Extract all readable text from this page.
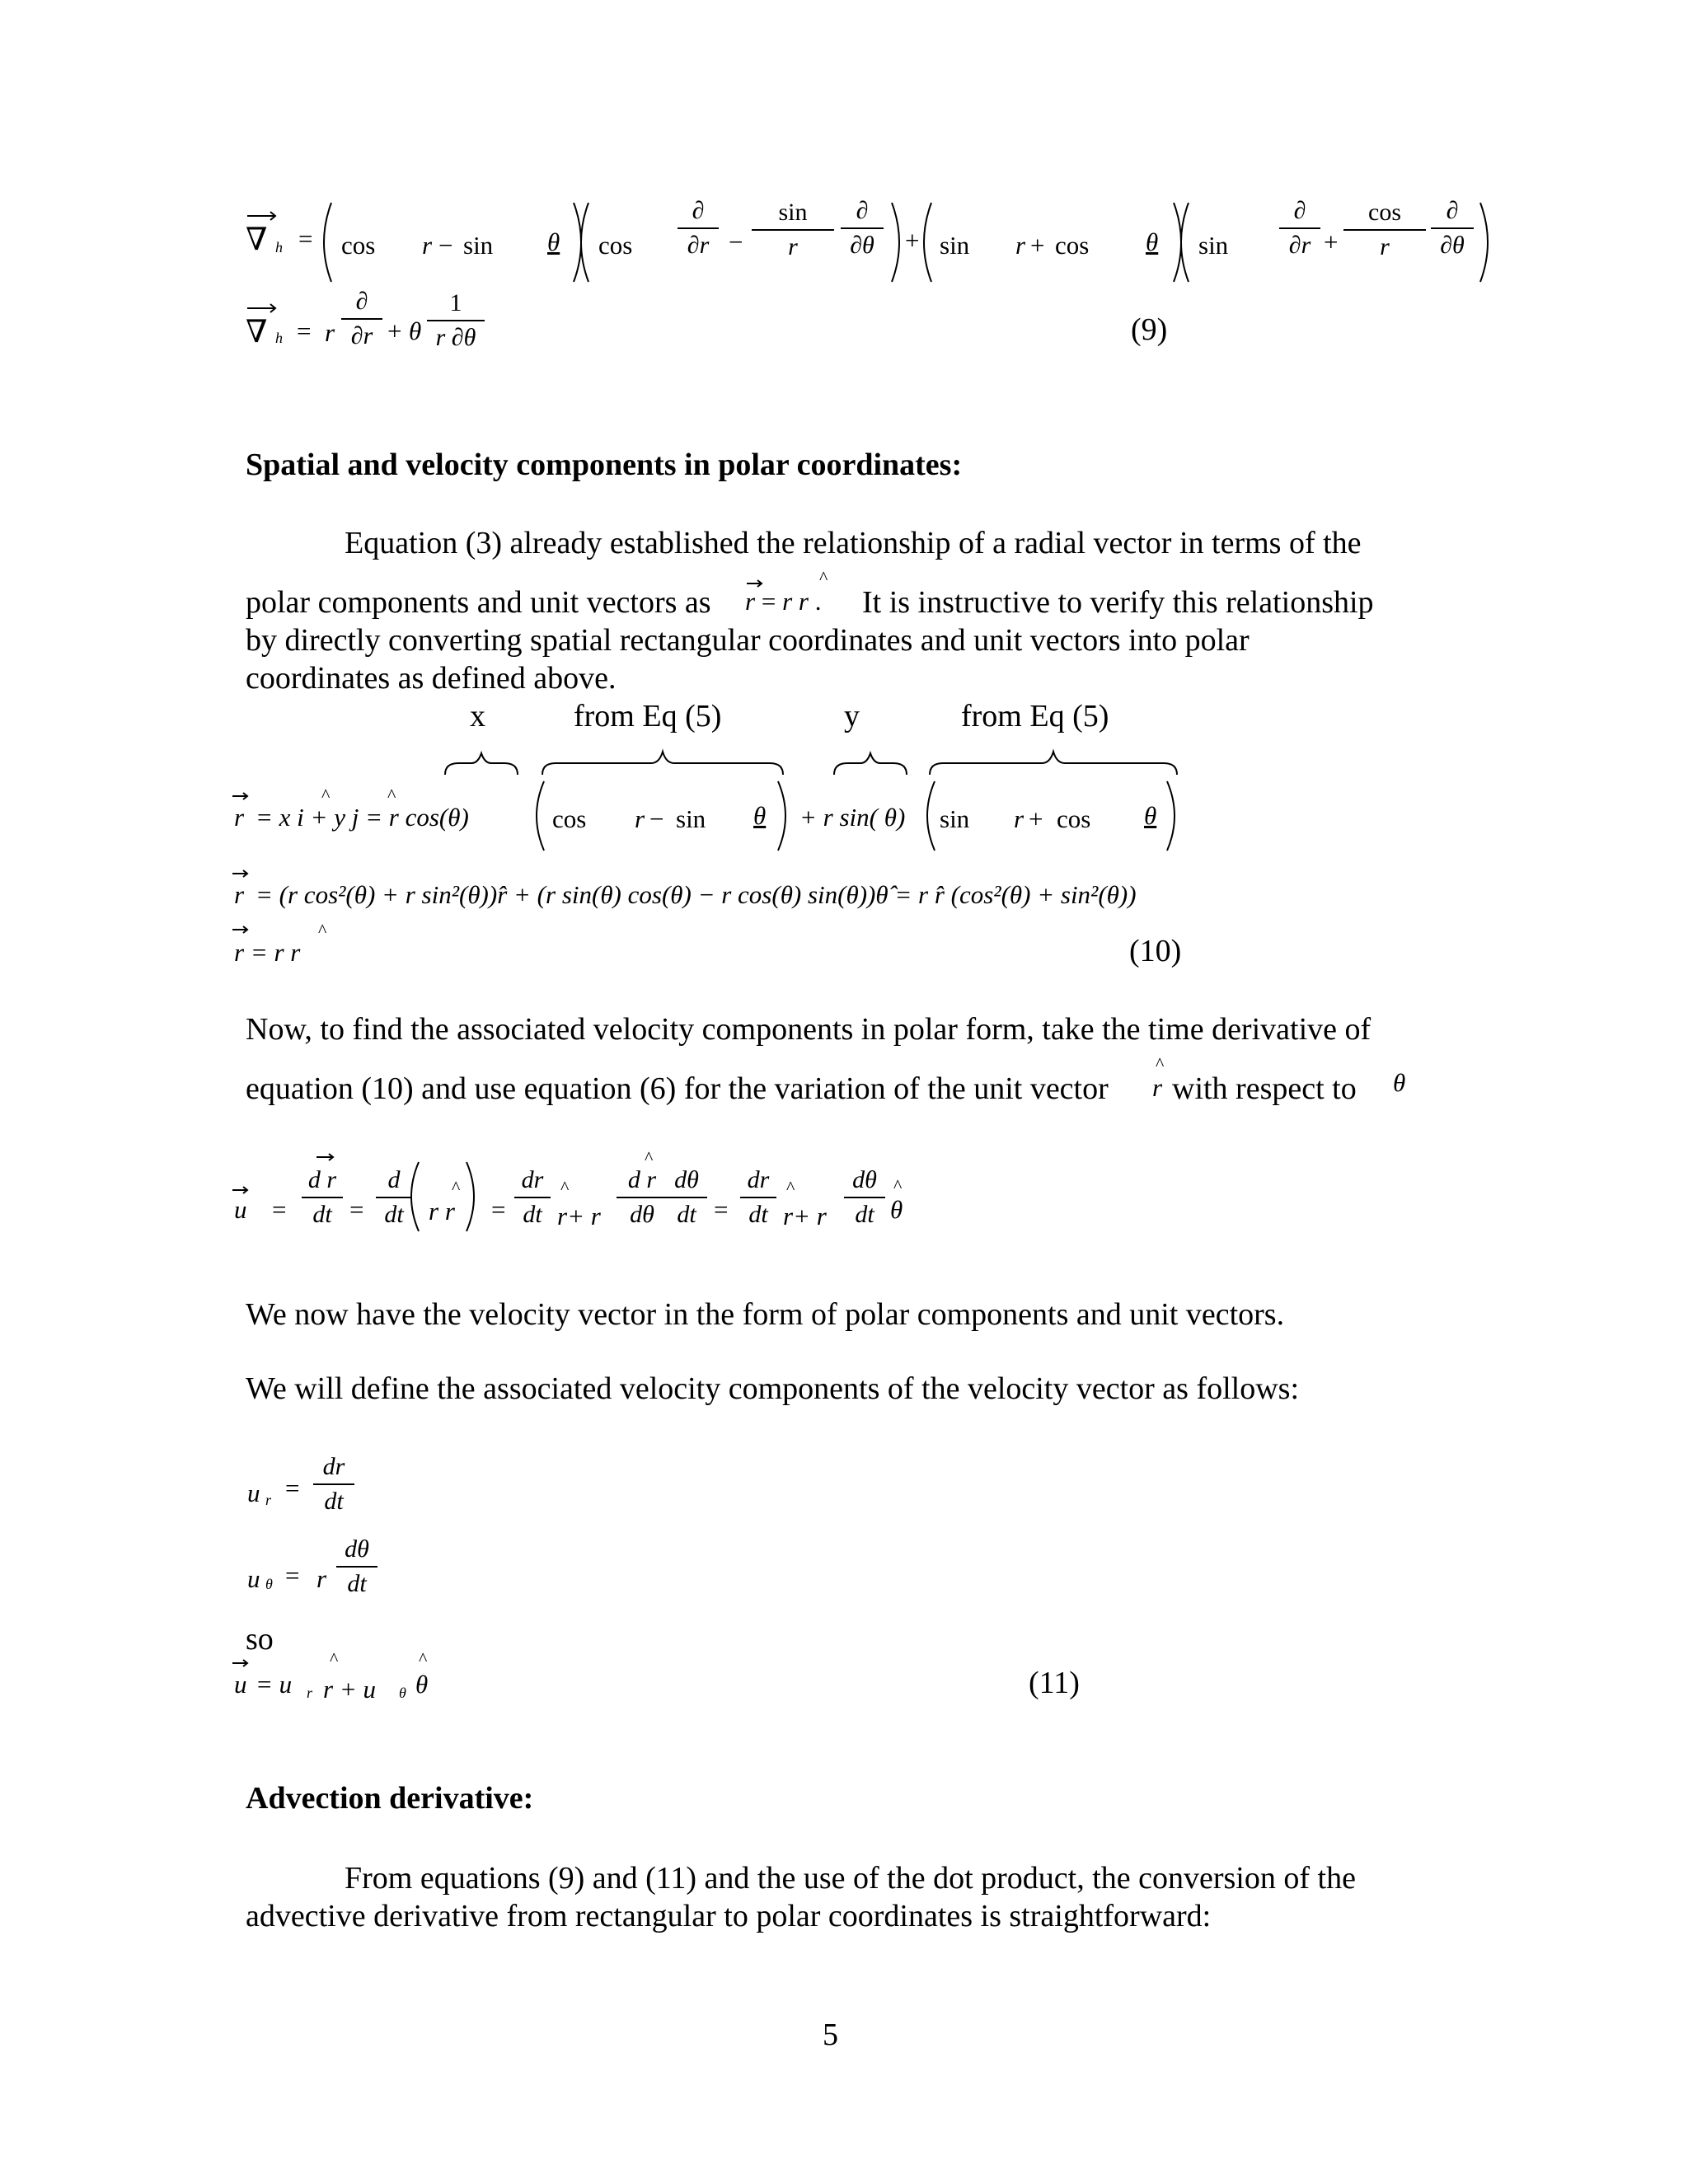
∇ h = cos r − sin θ cos
∂
∂r −
sin
r
∂
∂θ	+ sin r + cos θ sin
∂
∂r +
cos
r
∂
∂θ
∇ h = r
∂
∂r + θ
1
r ∂θ	(9)
Spatial and velocity components in polar coordinates:
Equation (3) already established the relationship of a radial vector in terms of the
polar components and unit vectors as r = r r .
^
It is instructive to verify this relationship
by directly converting spatial rectangular coordinates and unit vectors into polar
coordinates as defined above.
x	from Eq (5)	y	from Eq (5)
r = x i + y j = r cos(θ)
^	^
cos r − sin θ + r sin( θ) sin r + cos θ
r = (r cos²(θ) + r sin²(θ))r̂ + (r sin(θ) cos(θ) − r cos(θ) sin(θ))θ̂ = r r̂ (cos²(θ) + sin²(θ))
r = r r
^
(10)
Now, to find the associated velocity components in polar form, take the time derivative of
equation (10) and use equation (6) for the variation of the unit vector r
^
with respect to θ
u =
d r
dt =
d
dt r r
^
=
dr
dt r+ r
^	d r
dθ
^
dθ
dt =
dr
dt r+ r
^	dθ
dt θ
^
We now have the velocity vector in the form of polar components and unit vectors.
We will define the associated velocity components of the velocity vector as follows:
u r =
dr
dt
u θ = r
dθ
dt
so
u = u r r + u
^
θ θ
^
(11)
Advection derivative:
From equations (9) and (11) and the use of the dot product, the conversion of the
advective derivative from rectangular to polar coordinates is straightforward:
5
